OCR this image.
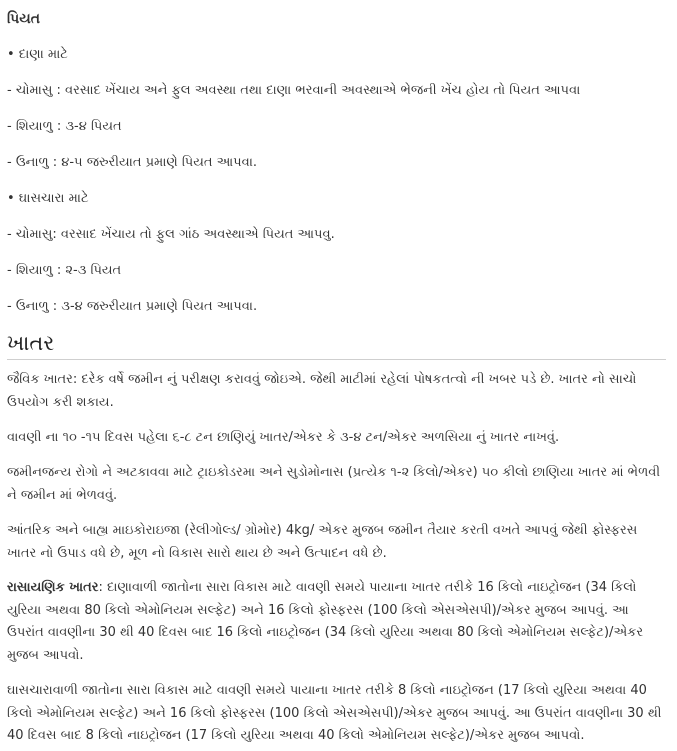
પિયત
• દાણા માટે
- ચોમાસુ : વરસાદ ખેંચાય અને ફુલ અવસ્થા તથા દાણા ભરવાની અવસ્થાએ ભેજની ખેંચ હોય તો પિયત આપવા
- શિયાળુ : ૩-૪ પિયત
- ઉનાળુ : ૪-૫ જરુરીયાત પ્રમાણે પિયત આપવા.
• ઘાસચારા માટે
- ચોમાસુ: વરસાદ ખેંચાય તો ફુલ ગાંઠ અવસ્થાએ પિયત આપવુ.
- શિયાળુ : ૨-૩ પિયત
- ઉનાળુ : ૩-૪ જરુરીયાત પ્રમાણે પિયત આપવા.
ખાતર

જૈવિક ખાતર: દરેક વર્ષે જમીન નું પરીક્ષણ કરાવવું જોઇએ. જેથી માટીમાં રહેલાં પોષકતત્વો ની ખબર પડે છે. ખાતર નો સાચો ઉપયોગ કરી શકાય.

વાવણી ના ૧૦ -૧૫ દિવસ પહેલા ૬-૮ ટન છાણિયું ખાતર/એકર કે ૩-૪ ટન/એકર અળસિયા નું ખાતર નાખવું.

જમીનજન્ય રોગો ને અટકાવવા માટે ટ્રાઇકોડરમા અને સુડોમોનાસ (પ્રત્યેક ૧-૨ કિલો/એકર) ૫૦ કીલો છાણિયા ખાતર માં ભેળવી ને જમીન માં ભેળવવું.

આંતરિક અને બાહ્ય માઇકોરાઇજા (રેલીગોલ્ડ/ ગ્રોમોર) 4kg/ એકર મુજબ જમીન તૈયાર કરતી વખતે આપવું જેથી ફોસ્ફરસ ખાતર નો ઉપાડ વધે છે, મૂળ નો વિકાસ સારો થાય છે અને ઉત્પાદન વધે છે.

રાસાયણિક ખાતર: દાણાવાળી જાતોના સારા વિકાસ માટે વાવણી સમયે પાયાના ખાતર તરીકે 16 કિલો નાઇટ્રોજન (34 કિલો યુરિયા અથવા 80 કિલો એમોનિયમ સલ્ફેટ) અને 16 કિલો ફોસ્ફરસ (100 કિલો એસએસપી)/એકર મુજબ આપવું. આ ઉપરાંત વાવણીના 30 થી 40 દિવસ બાદ 16 કિલો નાઇટ્રોજન (34 કિલો યુરિયા અથવા 80 કિલો એમોનિયમ સલ્ફેટ)/એકર મુજબ આપવો.

ઘાસચારાવાળી જાતોના સારા વિકાસ માટે વાવણી સમયે પાયાના ખાતર તરીકે 8 કિલો નાઇટ્રોજન (17 કિલો યુરિયા અથવા 40 કિલો એમોનિયમ સલ્ફેટ) અને 16 કિલો ફોસ્ફરસ (100 કિલો એસએસપી)/એકર મુજબ આપવું. આ ઉપરાંત વાવણીના 30 થી 40 દિવસ બાદ 8 કિલો નાઇટ્રોજન (17 કિલો યુરિયા અથવા 40 કિલો એમોનિયમ સલ્ફેટ)/એકર મુજબ આપવો.
